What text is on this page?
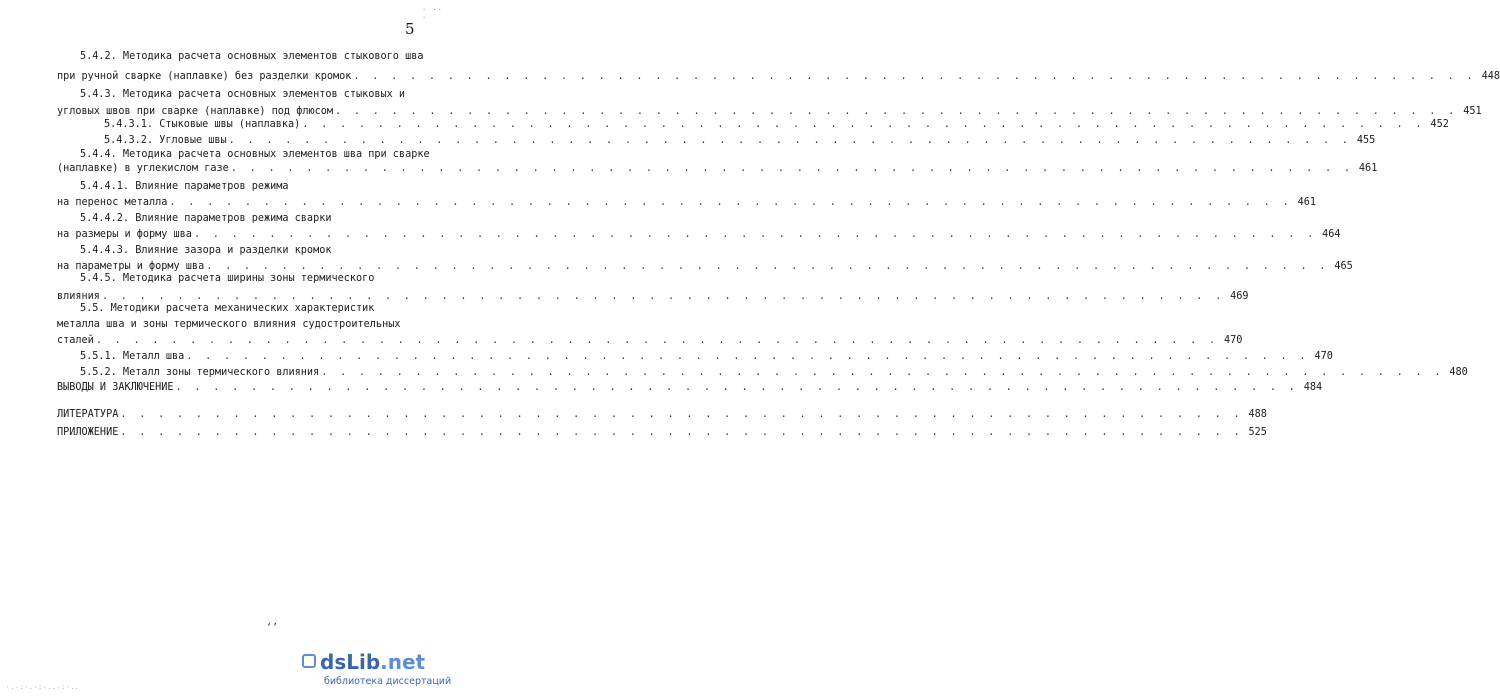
· ·· ·
5
5.4.2. Методика расчета основных элементов стыкового шва
при ручной сварке (наплавке) без разделки кромок . . . . . . . . . . . . . . . . . . . . . . . . . . . . . . . . . . . . . . . . . . . . . . . . . . . . . . . . . . . . 448
5.4.3. Методика расчета основных элементов стыковых и
угловых швов при сварке (наплавке) под флюсом . . . . . . . . . . . . . . . . . . . . . . . . . . . . . . . . . . . . . . . . . . . . . . . . . . . . . . . . . . . . 451
5.4.3.1. Стыковые швы (наплавка) . . . . . . . . . . . . . . . . . . . . . . . . . . . . . . . . . . . . . . . . . . . . . . . . . . . . . . . . . . . . 452
5.4.3.2. Угловые швы . . . . . . . . . . . . . . . . . . . . . . . . . . . . . . . . . . . . . . . . . . . . . . . . . . . . . . . . . . . . 455
5.4.4. Методика расчета основных элементов шва при сварке
(наплавке) в углекислом газе . . . . . . . . . . . . . . . . . . . . . . . . . . . . . . . . . . . . . . . . . . . . . . . . . . . . . . . . . . . . 461
5.4.4.1. Влияние параметров режима
на перенос металла . . . . . . . . . . . . . . . . . . . . . . . . . . . . . . . . . . . . . . . . . . . . . . . . . . . . . . . . . . . . 461
5.4.4.2. Влияние параметров режима сварки
на размеры и форму шва . . . . . . . . . . . . . . . . . . . . . . . . . . . . . . . . . . . . . . . . . . . . . . . . . . . . . . . . . . . . 464
5.4.4.3. Влияние зазора и разделки кромок
на параметры и форму шва . . . . . . . . . . . . . . . . . . . . . . . . . . . . . . . . . . . . . . . . . . . . . . . . . . . . . . . . . . . . 465
5.4.5. Методика расчета ширины зоны термического
влияния . . . . . . . . . . . . . . . . . . . . . . . . . . . . . . . . . . . . . . . . . . . . . . . . . . . . . . . . . . . . 469
5.5. Методики расчета механических характеристик
металла шва и зоны термического влияния судостроительных
сталей . . . . . . . . . . . . . . . . . . . . . . . . . . . . . . . . . . . . . . . . . . . . . . . . . . . . . . . . . . . . 470
5.5.1. Металл шва . . . . . . . . . . . . . . . . . . . . . . . . . . . . . . . . . . . . . . . . . . . . . . . . . . . . . . . . . . . . 470
5.5.2. Металл зоны термического влияния . . . . . . . . . . . . . . . . . . . . . . . . . . . . . . . . . . . . . . . . . . . . . . . . . . . . . . . . . . . . 480
ВЫВОДЫ И ЗАКЛЮЧЕНИЕ . . . . . . . . . . . . . . . . . . . . . . . . . . . . . . . . . . . . . . . . . . . . . . . . . . . . . . . . . . . . 484
ЛИТЕРАТУРА . . . . . . . . . . . . . . . . . . . . . . . . . . . . . . . . . . . . . . . . . . . . . . . . . . . . . . . . . . . . 488
ПРИЛОЖЕНИЕ . . . . . . . . . . . . . . . . . . . . . . . . . . . . . . . . . . . . . . . . . . . . . . . . . . . . . . . . . . . . 525
ʻʼ
·.·:·.·:·..·:·..
dsLib.net
библиотека диссертаций
